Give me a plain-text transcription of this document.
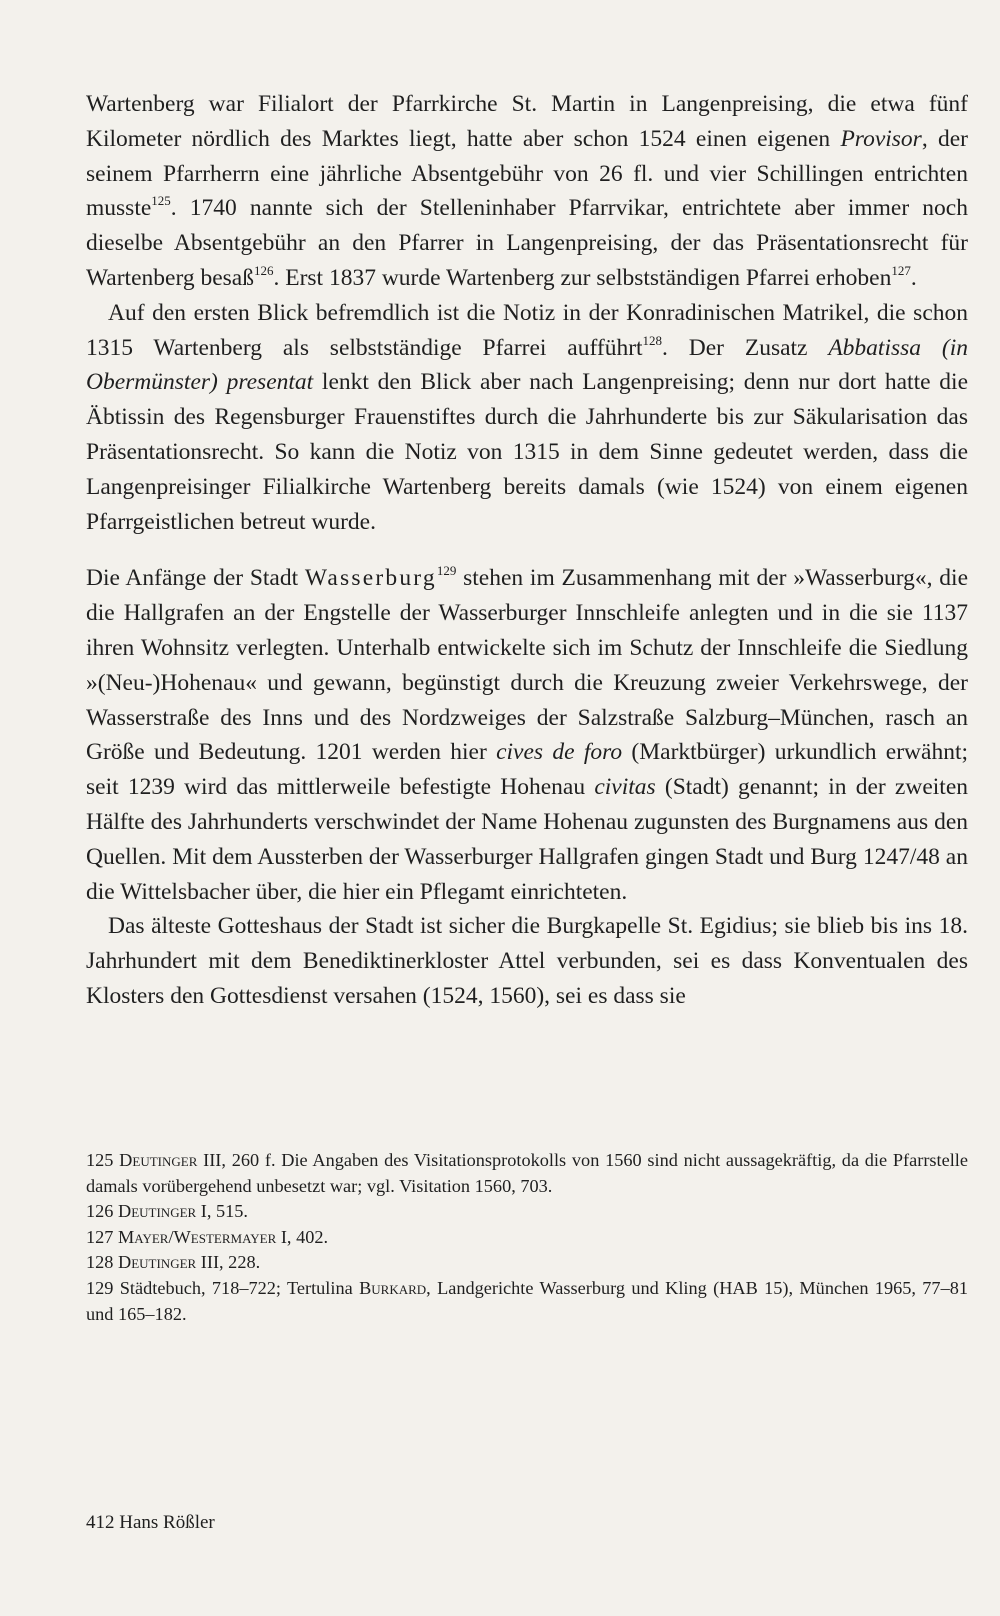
Wartenberg war Filialort der Pfarrkirche St. Martin in Langenpreising, die etwa fünf Kilometer nördlich des Marktes liegt, hatte aber schon 1524 einen eigenen Provisor, der seinem Pfarrherrn eine jährliche Absentgebühr von 26 fl. und vier Schillingen entrichten musste$^{125}$. 1740 nannte sich der Stelleninhaber Pfarrvikar, entrichtete aber immer noch dieselbe Absentgebühr an den Pfarrer in Langenpreising, der das Präsentationsrecht für Wartenberg besaß$^{126}$. Erst 1837 wurde Wartenberg zur selbstständigen Pfarrei erhoben$^{127}$.

Auf den ersten Blick befremdlich ist die Notiz in der Konradinischen Matrikel, die schon 1315 Wartenberg als selbstständige Pfarrei aufführt$^{128}$. Der Zusatz Abbatissa (in Obermünster) presentat lenkt den Blick aber nach Langenpreising; denn nur dort hatte die Äbtissin des Regensburger Frauenstiftes durch die Jahrhunderte bis zur Säkularisation das Präsentationsrecht. So kann die Notiz von 1315 in dem Sinne gedeutet werden, dass die Langenpreisinger Filialkirche Wartenberg bereits damals (wie 1524) von einem eigenen Pfarrgeistlichen betreut wurde.

Die Anfänge der Stadt Wasserburg$^{129}$ stehen im Zusammenhang mit der »Wasserburg«, die die Hallgrafen an der Engstelle der Wasserburger Innschleife anlegten und in die sie 1137 ihren Wohnsitz verlegten. Unterhalb entwickelte sich im Schutz der Innschleife die Siedlung »(Neu-)Hohenau« und gewann, begünstigt durch die Kreuzung zweier Verkehrswege, der Wasserstraße des Inns und des Nordzweiges der Salzstraße Salzburg–München, rasch an Größe und Bedeutung. 1201 werden hier cives de foro (Marktbürger) urkundlich erwähnt; seit 1239 wird das mittlerweile befestigte Hohenau civitas (Stadt) genannt; in der zweiten Hälfte des Jahrhunderts verschwindet der Name Hohenau zugunsten des Burgnamens aus den Quellen. Mit dem Aussterben der Wasserburger Hallgrafen gingen Stadt und Burg 1247/48 an die Wittelsbacher über, die hier ein Pflegamt einrichteten.

Das älteste Gotteshaus der Stadt ist sicher die Burgkapelle St. Egidius; sie blieb bis ins 18. Jahrhundert mit dem Benediktinerkloster Attel verbunden, sei es dass Konventualen des Klosters den Gottesdienst versahen (1524, 1560), sei es dass sie

125 Deutinger III, 260 f. Die Angaben des Visitationsprotokolls von 1560 sind nicht aussagekräftig, da die Pfarrstelle damals vorübergehend unbesetzt war; vgl. Visitation 1560, 703.

126 Deutinger I, 515.

127 Mayer/Westermayer I, 402.

128 Deutinger III, 228.

129 Städtebuch, 718–722; Tertulina Burkard, Landgerichte Wasserburg und Kling (HAB 15), München 1965, 77–81 und 165–182.

412 Hans Rößler
